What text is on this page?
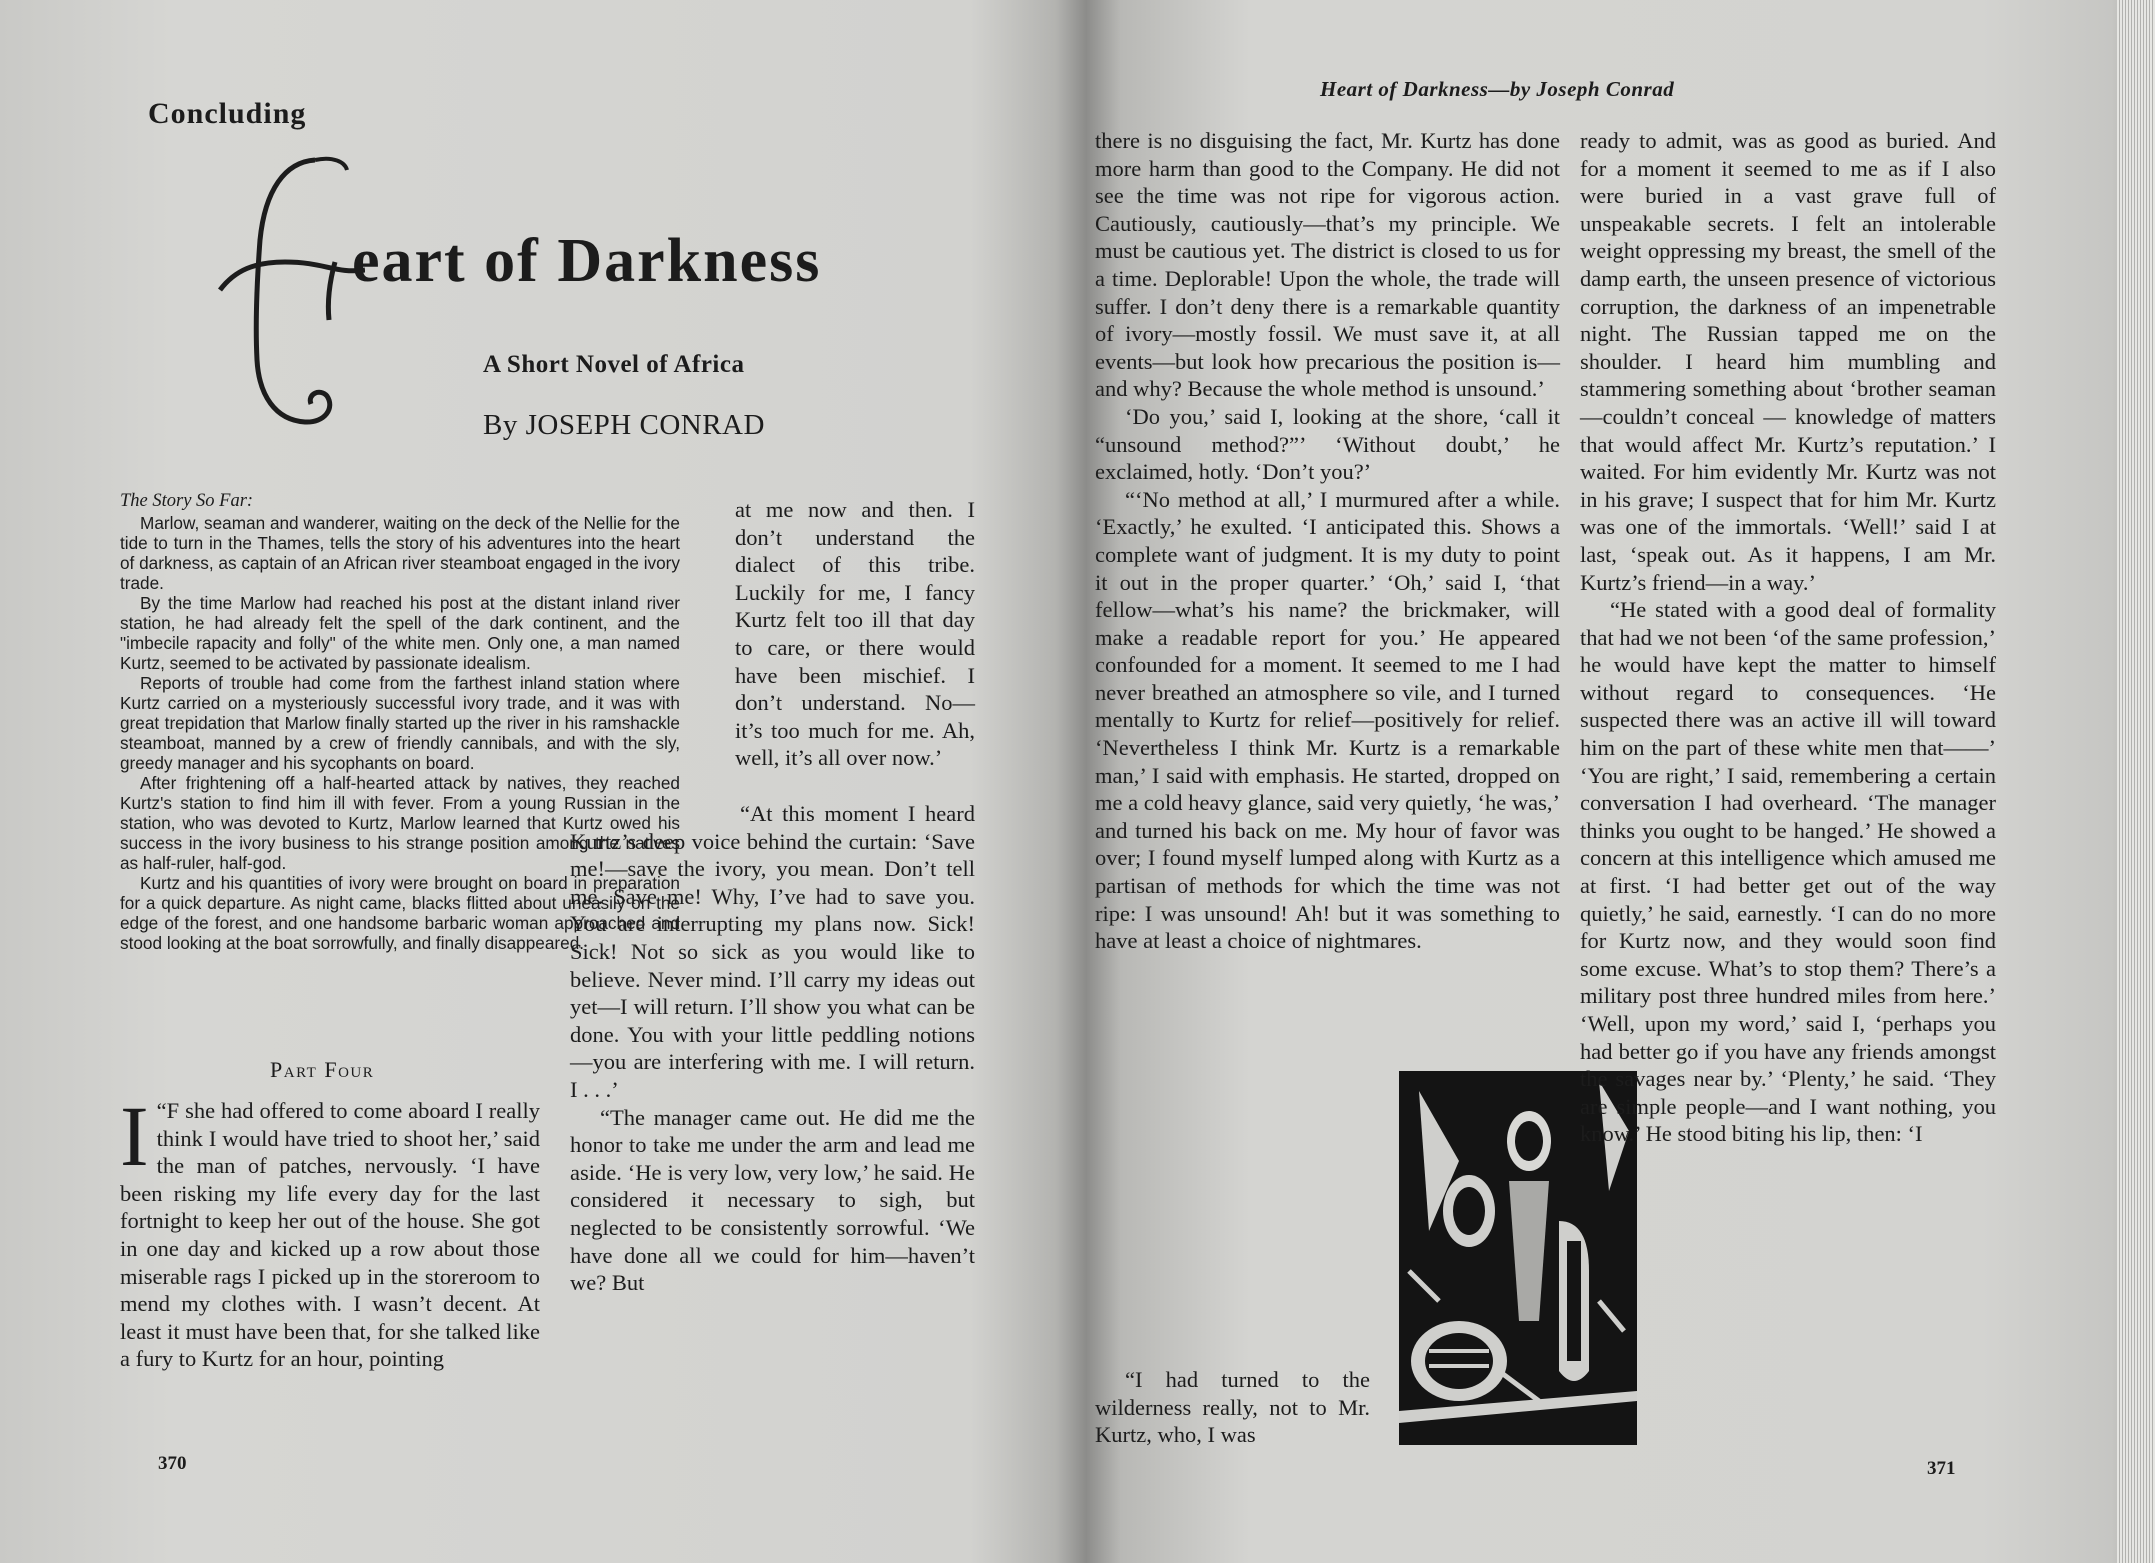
Concluding
eart of Darkness
A Short Novel of Africa
By JOSEPH CONRAD
The Story So Far:

Marlow, seaman and wanderer, waiting on the deck of the Nellie for the tide to turn in the Thames, tells the story of his adventures into the heart of darkness, as captain of an African river steamboat engaged in the ivory trade.

By the time Marlow had reached his post at the distant inland river station, he had already felt the spell of the dark continent, and the "imbecile rapacity and folly" of the white men. Only one, a man named Kurtz, seemed to be activated by passionate idealism.

Reports of trouble had come from the farthest inland station where Kurtz carried on a mysteriously successful ivory trade, and it was with great trepidation that Marlow finally started up the river in his ramshackle steamboat, manned by a crew of friendly cannibals, and with the sly, greedy manager and his sycophants on board.

After frightening off a half-hearted attack by natives, they reached Kurtz's station to find him ill with fever. From a young Russian in the station, who was devoted to Kurtz, Marlow learned that Kurtz owed his success in the ivory business to his strange position among the natives as half-ruler, half-god.

Kurtz and his quantities of ivory were brought on board in preparation for a quick departure. As night came, blacks flitted about uneasily on the edge of the forest, and one handsome barbaric woman approached and stood looking at the boat sorrowfully, and finally disappeared.

Part Four

I “F she had offered to come aboard I really think I would have tried to shoot her,’ said the man of patches, nervously. ‘I have been risking my life every day for the last fortnight to keep her out of the house. She got in one day and kicked up a row about those miserable rags I picked up in the storeroom to mend my clothes with. I wasn’t decent. At least it must have been that, for she talked like a fury to Kurtz for an hour, pointing

at me now and then. I don’t understand the dialect of this tribe. Luckily for me, I fancy Kurtz felt too ill that day to care, or there would have been mischief. I don’t understand. No—it’s too much for me. Ah, well, it’s all over now.’

“At this moment I heard Kurtz’s deep voice behind the curtain: ‘Save me!—save the ivory, you mean. Don’t tell me. Save me! Why, I’ve had to save you. You are interrupting my plans now. Sick! Sick! Not so sick as you would like to believe. Never mind. I’ll carry my ideas out yet—I will return. I’ll show you what can be done. You with your little peddling notions—you are interfering with me. I will return. I . . .’

“The manager came out. He did me the honor to take me under the arm and lead me aside. ‘He is very low, very low,’ he said. He considered it necessary to sigh, but neglected to be consistently sorrowful. ‘We have done all we could for him—haven’t we? But

370
Heart of Darkness—by Joseph Conrad

there is no disguising the fact, Mr. Kurtz has done more harm than good to the Company. He did not see the time was not ripe for vigorous action. Cautiously, cautiously—that’s my principle. We must be cautious yet. The district is closed to us for a time. Deplorable! Upon the whole, the trade will suffer. I don’t deny there is a remarkable quantity of ivory—mostly fossil. We must save it, at all events—but look how precarious the position is—and why? Because the whole method is unsound.’

‘Do you,’ said I, looking at the shore, ‘call it “unsound method?”’ ‘Without doubt,’ he exclaimed, hotly. ‘Don’t you?’

“‘No method at all,’ I murmured after a while. ‘Exactly,’ he exulted. ‘I anticipated this. Shows a complete want of judgment. It is my duty to point it out in the proper quarter.’ ‘Oh,’ said I, ‘that fellow—what’s his name? the brickmaker, will make a readable report for you.’ He appeared confounded for a moment. It seemed to me I had never breathed an atmosphere so vile, and I turned mentally to Kurtz for relief—positively for relief. ‘Nevertheless I think Mr. Kurtz is a remarkable man,’ I said with emphasis. He started, dropped on me a cold heavy glance, said very quietly, ‘he was,’ and turned his back on me. My hour of favor was over; I found myself lumped along with Kurtz as a partisan of methods for which the time was not ripe: I was unsound! Ah! but it was something to have at least a choice of nightmares.

“I had turned to the wilderness really, not to Mr. Kurtz, who, I was

ready to admit, was as good as buried. And for a moment it seemed to me as if I also were buried in a vast grave full of unspeakable secrets. I felt an intolerable weight oppressing my breast, the smell of the damp earth, the unseen presence of victorious corruption, the darkness of an impenetrable night. The Russian tapped me on the shoulder. I heard him mumbling and stammering something about ‘brother seaman—couldn’t conceal — knowledge of matters that would affect Mr. Kurtz’s reputation.’ I waited. For him evidently Mr. Kurtz was not in his grave; I suspect that for him Mr. Kurtz was one of the immortals. ‘Well!’ said I at last, ‘speak out. As it happens, I am Mr. Kurtz’s friend—in a way.’

“He stated with a good deal of formality that had we not been ‘of the same profession,’ he would have kept the matter to himself without regard to consequences. ‘He suspected there was an active ill will toward him on the part of these white men that——’ ‘You are right,’ I said, remembering a certain conversation I had overheard. ‘The manager thinks you ought to be hanged.’ He showed a concern at this intelligence which amused me at first. ‘I had better get out of the way quietly,’ he said, earnestly. ‘I can do no more for Kurtz now, and they would soon find some excuse. What’s to stop them? There’s a military post three hundred miles from here.’ ‘Well, upon my word,’ said I, ‘perhaps you had better go if you have any friends amongst the savages near by.’ ‘Plenty,’ he said. ‘They are simple people—and I want nothing, you know.’ He stood biting his lip, then: ‘I

371
